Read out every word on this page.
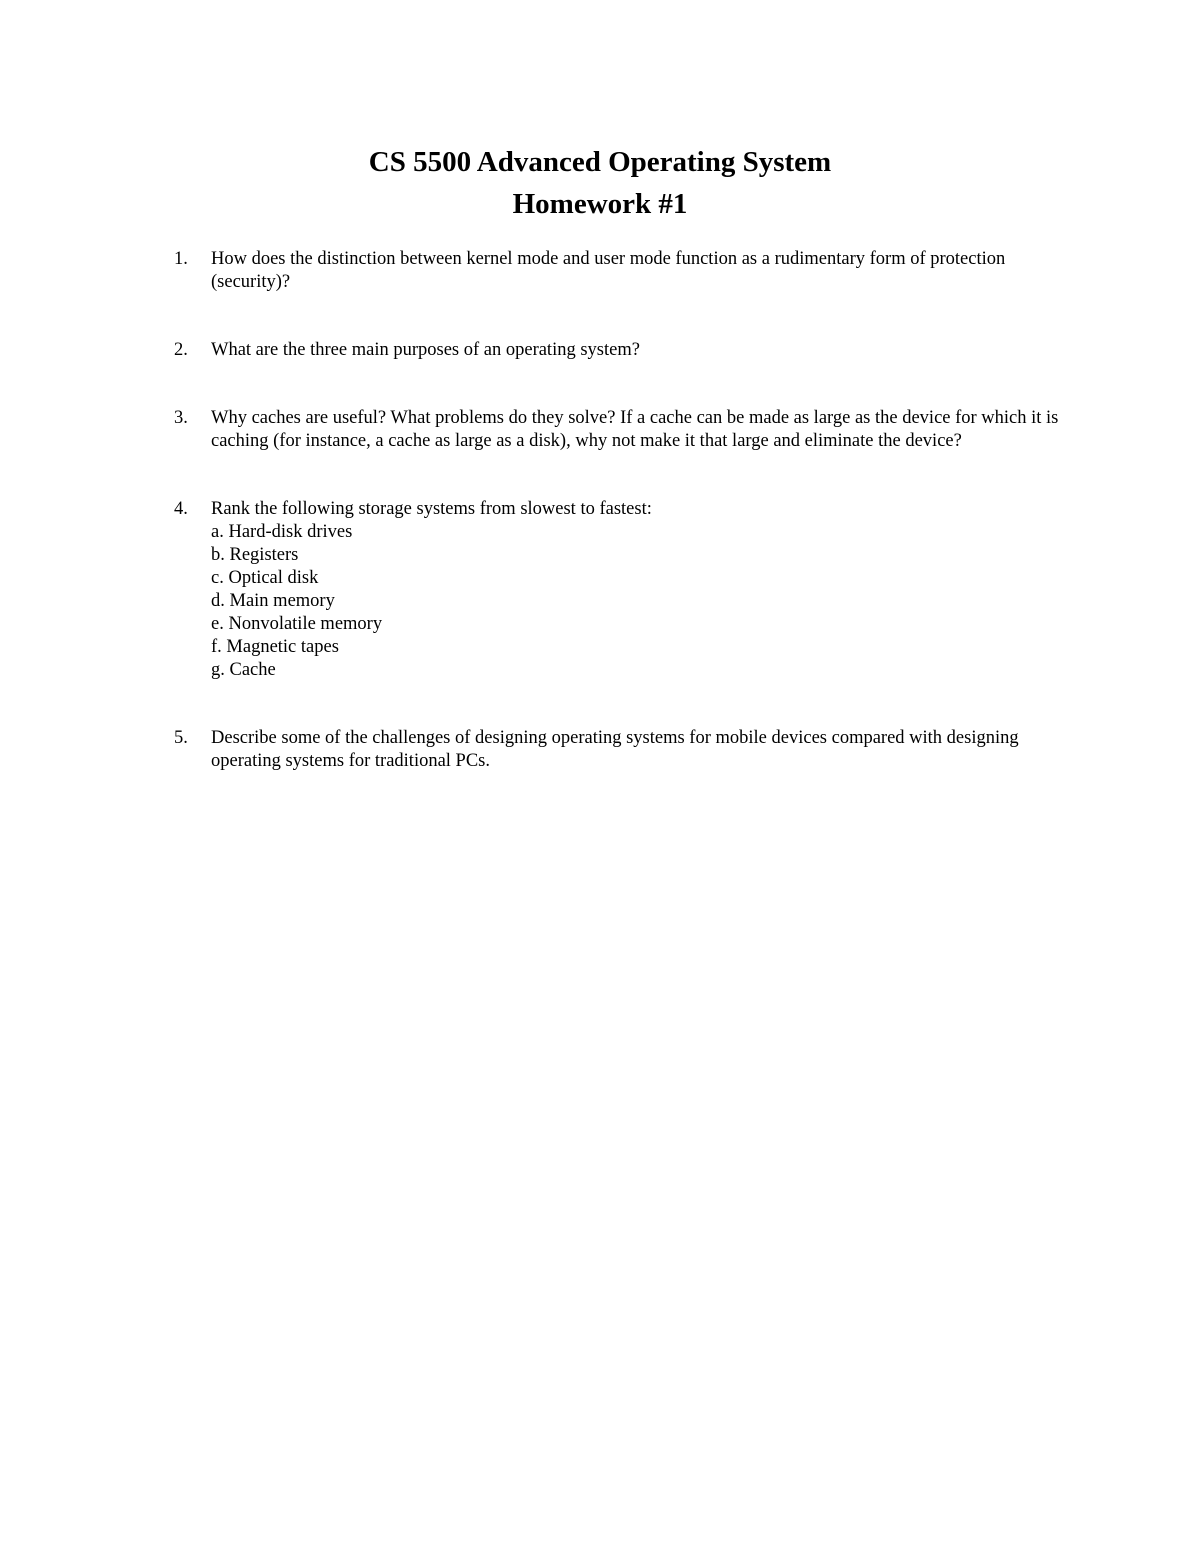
CS 5500 Advanced Operating System
Homework #1
1. How does the distinction between kernel mode and user mode function as a rudimentary form of protection (security)?
2. What are the three main purposes of an operating system?
3. Why caches are useful? What problems do they solve? If a cache can be made as large as the device for which it is caching (for instance, a cache as large as a disk), why not make it that large and eliminate the device?
4. Rank the following storage systems from slowest to fastest:
a. Hard-disk drives
b. Registers
c. Optical disk
d. Main memory
e. Nonvolatile memory
f. Magnetic tapes
g. Cache
5. Describe some of the challenges of designing operating systems for mobile devices compared with designing operating systems for traditional PCs.
